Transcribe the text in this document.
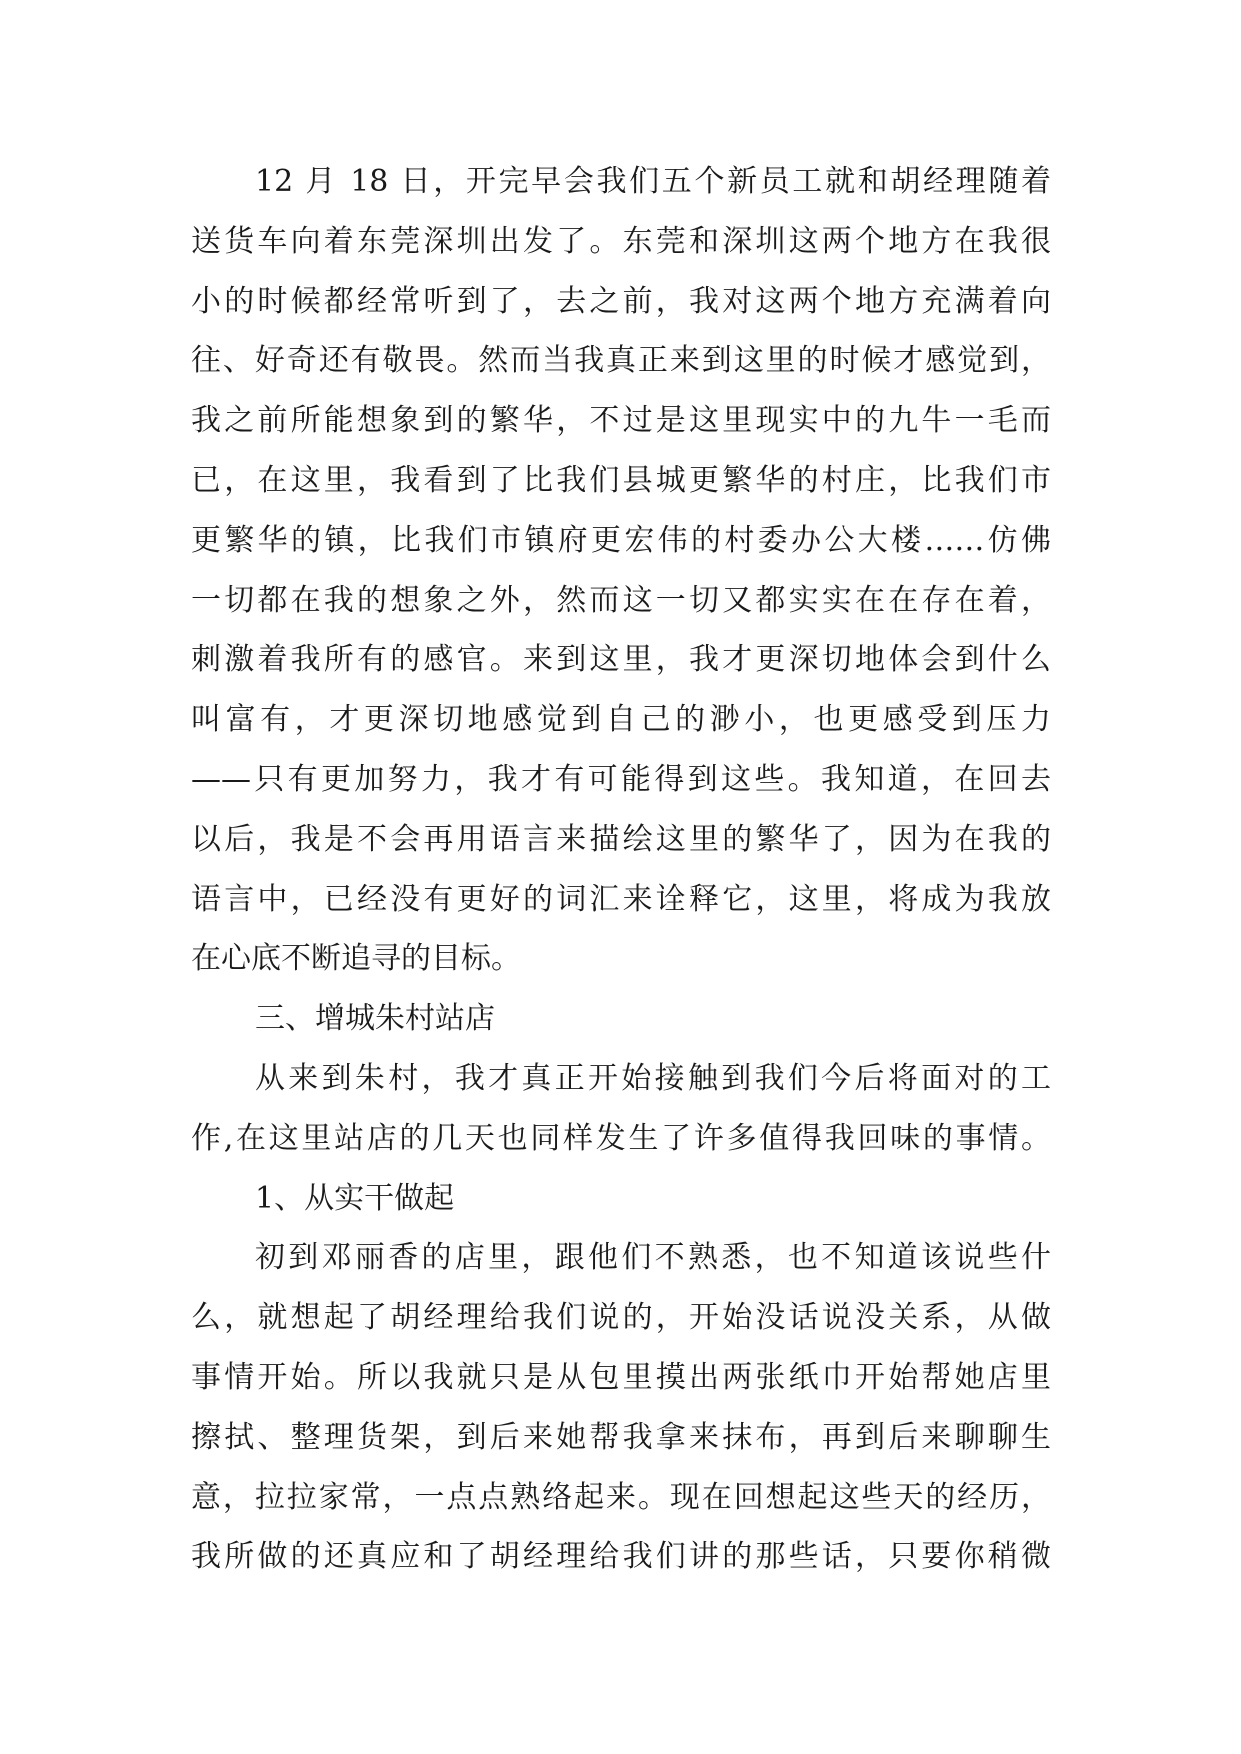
12 月 18 日，开完早会我们五个新员工就和胡经理随着
送货车向着东莞深圳出发了。东莞和深圳这两个地方在我很
小的时候都经常听到了，去之前，我对这两个地方充满着向
往、好奇还有敬畏。然而当我真正来到这里的时候才感觉到，
我之前所能想象到的繁华，不过是这里现实中的九牛一毛而
已，在这里，我看到了比我们县城更繁华的村庄，比我们市
更繁华的镇，比我们市镇府更宏伟的村委办公大楼……仿佛
一切都在我的想象之外，然而这一切又都实实在在存在着，
刺激着我所有的感官。来到这里，我才更深切地体会到什么
叫富有，才更深切地感觉到自己的渺小，也更感受到压力
——只有更加努力，我才有可能得到这些。我知道，在回去
以后，我是不会再用语言来描绘这里的繁华了，因为在我的
语言中，已经没有更好的词汇来诠释它，这里，将成为我放
在心底不断追寻的目标。
三、增城朱村站店
从来到朱村，我才真正开始接触到我们今后将面对的工
作,在这里站店的几天也同样发生了许多值得我回味的事情。
1、从实干做起
初到邓丽香的店里，跟他们不熟悉，也不知道该说些什
么，就想起了胡经理给我们说的，开始没话说没关系，从做
事情开始。所以我就只是从包里摸出两张纸巾开始帮她店里
擦拭、整理货架，到后来她帮我拿来抹布，再到后来聊聊生
意，拉拉家常，一点点熟络起来。现在回想起这些天的经历，
我所做的还真应和了胡经理给我们讲的那些话，只要你稍微
